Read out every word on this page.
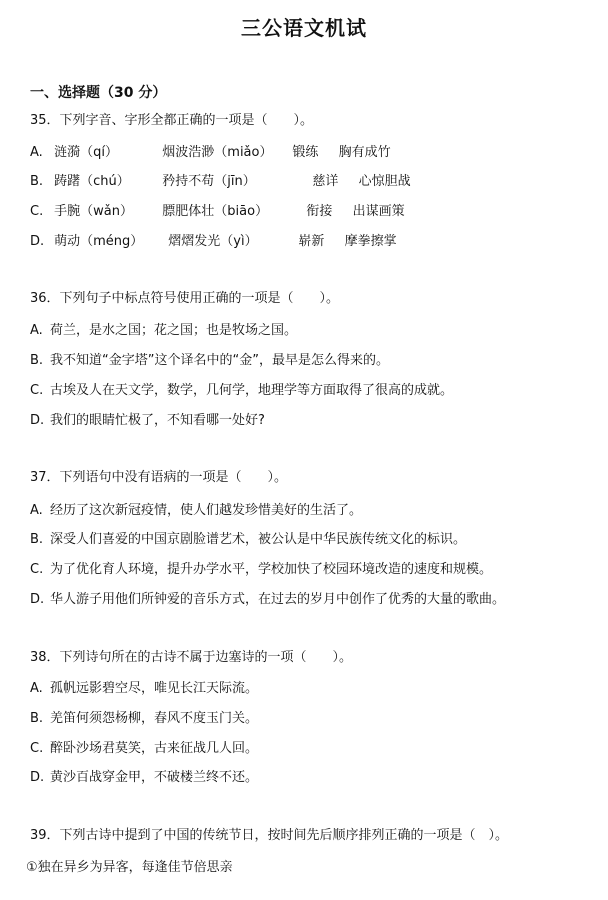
三公语文机试
一、选择题（30 分）
35．下列字音、字形全都正确的一项是（　　）。
A. 涟漪（qí）	烟波浩渺（miǎo） 锻练 胸有成竹
B. 踌躇（chú）	矜持不苟（jīn）	慈详 心惊胆战
C. 手腕（wǎn） 膘肥体壮（biāo）	衔接 出谋画策
D. 萌动（méng） 熠熠发光（yì）	崭新 摩拳擦掌
36．下列句子中标点符号使用正确的一项是（　　）。
A. 荷兰，是水之国；花之国；也是牧场之国。
B. 我不知道“金字塔”这个译名中的“金”，最早是怎么得来的。
C. 古埃及人在天文学，数学，几何学，地理学等方面取得了很高的成就。
D. 我们的眼睛忙极了，不知看哪一处好?
37．下列语句中没有语病的一项是（　　）。
A. 经历了这次新冠疫情，使人们越发珍惜美好的生活了。
B. 深受人们喜爱的中国京剧脸谱艺术，被公认是中华民族传统文化的标识。
C. 为了优化育人环境，提升办学水平，学校加快了校园环境改造的速度和规模。
D. 华人游子用他们所钟爱的音乐方式，在过去的岁月中创作了优秀的大量的歌曲。
38．下列诗句所在的古诗不属于边塞诗的一项（　　）。
A. 孤帆远影碧空尽，唯见长江天际流。
B. 羌笛何须怨杨柳，春风不度玉门关。
C. 醉卧沙场君莫笑，古来征战几人回。
D. 黄沙百战穿金甲，不破楼兰终不还。
39．下列古诗中提到了中国的传统节日，按时间先后顺序排列正确的一项是（　）。
①独在异乡为异客，每逢佳节倍思亲
